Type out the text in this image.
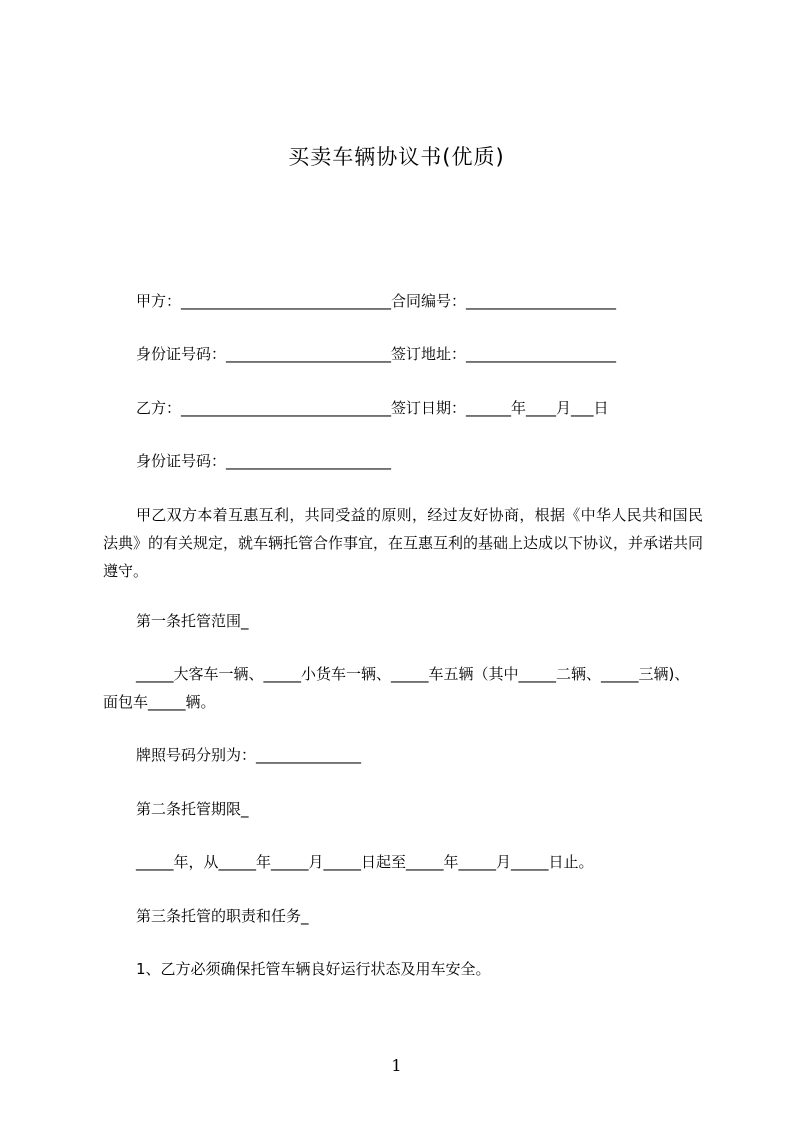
买卖车辆协议书(优质)
甲方：____________________________合同编号：____________________
身份证号码：______________________签订地址：____________________
乙方：____________________________签订日期：______年____月___日
身份证号码：______________________
甲乙双方本着互惠互利，共同受益的原则，经过友好协商，根据《中华人民共和国民法典》的有关规定，就车辆托管合作事宜，在互惠互利的基础上达成以下协议，并承诺共同遵守。
第一条托管范围_
_____大客车一辆、_____小货车一辆、_____车五辆（其中_____二辆、_____三辆)、面包车_____辆。
牌照号码分别为：______________
第二条托管期限_
_____年，从_____年_____月_____日起至_____年_____月_____日止。
第三条托管的职责和任务_
1、乙方必须确保托管车辆良好运行状态及用车安全。
1
